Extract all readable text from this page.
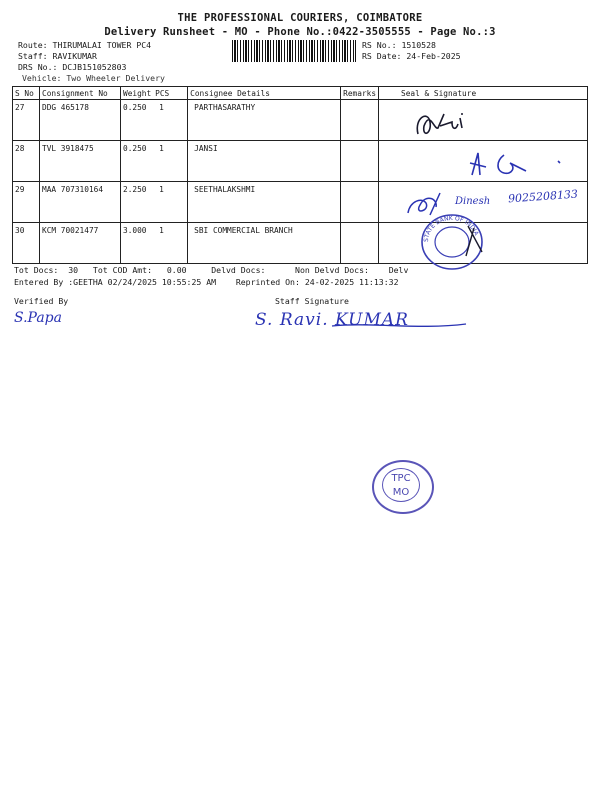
THE PROFESSIONAL COURIERS, COIMBATORE
Delivery Runsheet - MO - Phone No.:0422-3505555 - Page No.:3
Route: THIRUMALAI TOWER PC4
Staff: RAVIKUMAR
DRS No.: DCJB151052803
Vehicle: Two Wheeler Delivery
RS No.: 1510528
RS Date: 24-Feb-2025
S No	Consignment No	Weight	PCS	Consignee Details	Remarks	Seal & Signature
27	DDG 465178	0.250	1	PARTHASARATHY		
28	TVL 3918475	0.250	1	JANSI		
29	MAA 707310164	2.250	1	SEETHALAKSHMI		
30	KCM 70021477	3.000	1	SBI COMMERCIAL BRANCH		
Dinesh 9025208133
STATE BANK OF INDIA
Tot Docs: 30 Tot COD Amt: 0.00	Delvd Docs:	Non Delvd Docs: Delv
Entered By :GEETHA 02/24/2025 10:55:25 AM Reprinted On: 24-02-2025 11:13:32
Verified By	Staff Signature
S.Papa	S. Ravi. KUMAR
TPC
MO
